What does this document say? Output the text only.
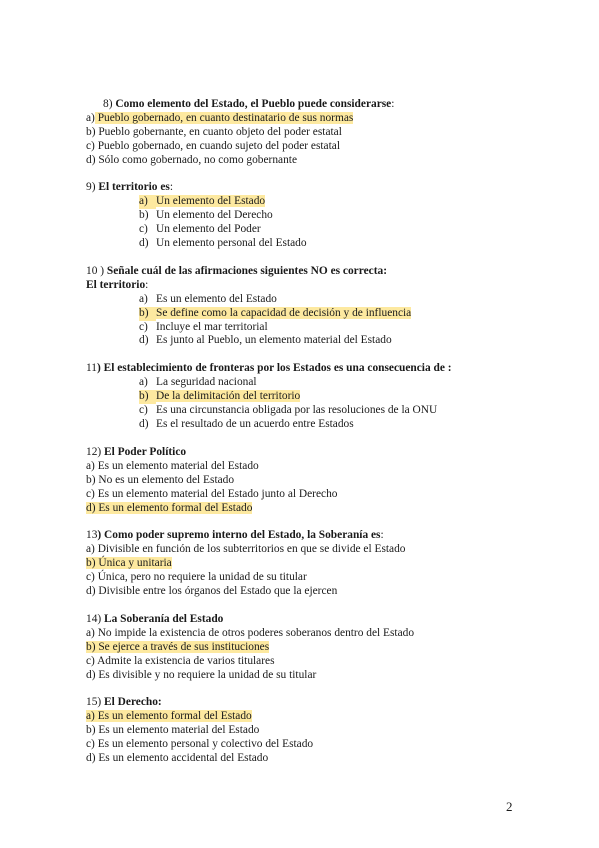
8) Como elemento del Estado, el Pueblo puede considerarse:
a) Pueblo gobernado, en cuanto destinatario de sus normas
b) Pueblo gobernante, en cuanto objeto del poder estatal
c) Pueblo gobernado, en cuando sujeto del poder estatal
d) Sólo como gobernado, no como gobernante
9) El territorio es:
a) Un elemento del Estado
b) Un elemento del Derecho
c) Un elemento del Poder
d) Un elemento personal del Estado
10 ) Señale cuál de las afirmaciones siguientes NO es correcta:
El territorio:
a) Es un elemento del Estado
b) Se define como la capacidad de decisión y de influencia
c) Incluye el mar territorial
d) Es junto al Pueblo, un elemento material del Estado
11) El establecimiento de fronteras por los Estados es una consecuencia de :
a) La seguridad nacional
b) De la delimitación del territorio
c) Es una circunstancia obligada por las resoluciones de la ONU
d) Es el resultado de un acuerdo entre Estados
12) El Poder Político
a) Es un elemento material del Estado
b) No es un elemento del Estado
c) Es un elemento material del Estado junto al Derecho
d) Es un elemento formal del Estado
13) Como poder supremo interno del Estado, la Soberanía es:
a) Divisible en función de los subterritorios en que se divide el Estado
b) Única y unitaria
c) Única, pero no requiere la unidad de su titular
d) Divisible entre los órganos del Estado que la ejercen
14) La Soberanía del Estado
a) No impide la existencia de otros poderes soberanos dentro del Estado
b) Se ejerce a través de sus instituciones
c) Admite la existencia de varios titulares
d) Es divisible y no requiere la unidad de su titular
15) El Derecho:
a) Es un elemento formal del Estado
b) Es un elemento material del Estado
c) Es un elemento personal y colectivo del Estado
d) Es un elemento accidental del Estado
2
